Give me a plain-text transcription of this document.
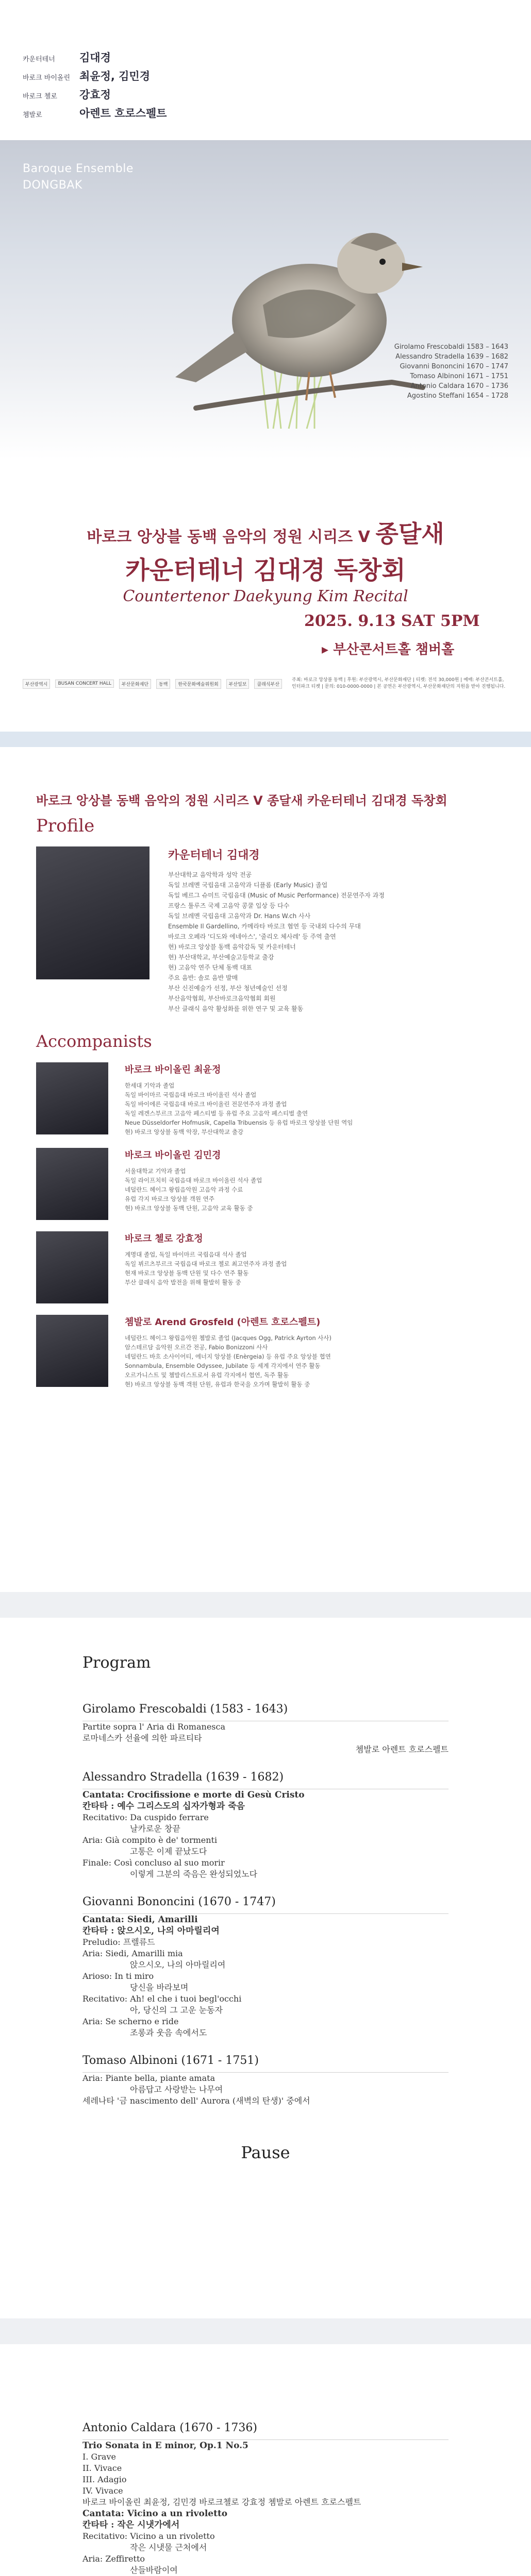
카운터테너	김대경
바로크 바이올린 최윤정, 김민경
바로크 첼로	강효정
쳄발로	아렌트 흐로스펠트
Baroque Ensemble
DONGBAK
Girolamo Frescobaldi 1583 – 1643
Alessandro Stradella 1639 – 1682
Giovanni Bononcini 1670 – 1747
Tomaso Albinoni 1671 – 1751
Antonio Caldara 1670 – 1736
Agostino Steffani 1654 – 1728
바로크 앙상블 동백 음악의 정원 시리즈 V 종달새
카운터테너 김대경 독창회
Countertenor Daekyung Kim Recital
2025. 9.13 SAT 5PM
▸ 부산콘서트홀 챔버홀
부산광역시	BUSAN CONCERT HALL	부산문화재단	동백	한국문화예술위원회	부산일보	클래식부산
주최: 바로크 앙상블 동백 | 후원: 부산광역시, 부산문화재단 | 티켓: 전석 30,000원 | 예매: 부산콘서트홀, 인터파크 티켓 | 문의: 010-0000-0000 | 본 공연은 부산광역시, 부산문화재단의 지원을 받아 진행됩니다.
바로크 앙상블 동백 음악의 정원 시리즈 V 종달새 카운터테너 김대경 독창회
Profile
카운터테너 김대경
부산대학교 음악학과 성악 전공
독일 브레멘 국립음대 고음악과 디플롬 (Early Music) 졸업
독일 베르그 슈미트 국립음대 (Music of Music Performance) 전문연주자 과정
프랑스 툴루즈 국제 고음악 콩쿨 입상 등 다수
독일 브레멘 국립음대 고음악과 Dr. Hans W.ch 사사
Ensemble Il Gardellino, 카메라타 바로크 협연 등 국내외 다수의 무대
바로크 오페라 '디도와 에네아스', '줄리오 체사레' 등 주역 출연
현) 바로크 앙상블 동백 음악감독 및 카운터테너
현) 부산대학교, 부산예술고등학교 출강
현) 고음악 연주 단체 동백 대표
주요 음반: 솔로 음반 발매
부산 신진예술가 선정, 부산 청년예술인 선정
부산음악협회, 부산바로크음악협회 회원
부산 클래식 음악 활성화를 위한 연구 및 교육 활동
Accompanists
바로크 바이올린 최윤정
한세대 기악과 졸업
독일 바이마르 국립음대 바로크 바이올린 석사 졸업
독일 바이에른 국립음대 바로크 바이올린 전문연주자 과정 졸업
독일 레겐스부르크 고음악 페스티벌 등 유럽 주요 고음악 페스티벌 출연
Neue Düsseldorfer Hofmusik, Capella Tribuensis 등 유럽 바로크 앙상블 단원 역임
현) 바로크 앙상블 동백 악장, 부산대학교 출강
바로크 바이올린 김민경
서울대학교 기악과 졸업
독일 라이프치히 국립음대 바로크 바이올린 석사 졸업
네덜란드 헤이그 왕립음악원 고음악 과정 수료
유럽 각지 바로크 앙상블 객원 연주
현) 바로크 앙상블 동백 단원, 고음악 교육 활동 중
바로크 첼로 강효정
계명대 졸업, 독일 바이마르 국립음대 석사 졸업
독일 뷔르츠부르크 국립음대 바로크 첼로 최고연주자 과정 졸업
현재 바로크 앙상블 동백 단원 및 다수 연주 활동
부산 클래식 음악 발전을 위해 활발히 활동 중
쳄발로 Arend Grosfeld (아렌트 흐로스펠트)
네덜란드 헤이그 왕립음악원 쳄발로 졸업 (Jacques Ogg, Patrick Ayrton 사사)
암스테르담 음악원 오르간 전공, Fabio Bonizzoni 사사
네덜란드 바흐 소사이어티, 에너지 앙상블 (Enèrgeia) 등 유럽 주요 앙상블 협연
Sonnambula, Ensemble Odyssee, Jubilate 등 세계 각지에서 연주 활동
오르가니스트 및 쳄발리스트로서 유럽 각지에서 협연, 독주 활동
현) 바로크 앙상블 동백 객원 단원, 유럽과 한국을 오가며 활발히 활동 중
Program
Girolamo Frescobaldi (1583 - 1643)
Partite sopra l' Aria di Romanesca
로마네스카 선율에 의한 파르티타
쳄발로 아렌트 흐로스펠트
Alessandro Stradella (1639 - 1682)
Cantata: Crocifissione e morte di Gesù Cristo
칸타타 : 예수 그리스도의 십자가형과 죽음
Recitativo: Da cuspido ferrare
날카로운 창끝
Aria: Già compito è de' tormenti
고통은 이제 끝났도다
Finale: Così concluso al suo morir
이렇게 그분의 죽음은 완성되었노다
Giovanni Bononcini (1670 - 1747)
Cantata: Siedi, Amarilli
칸타타 : 앉으시오, 나의 아마릴리여
Preludio: 프렐류드
Aria: Siedi, Amarilli mia
앉으시오, 나의 아마릴리여
Arioso: In ti miro
당신을 바라보며
Recitativo: Ah! el che i tuoi begl'occhi
아, 당신의 그 고운 눈동자
Aria: Se scherno e ride
조롱과 웃음 속에서도
Tomaso Albinoni (1671 - 1751)
Aria: Piante bella, piante amata
아름답고 사랑받는 나무여
세레나타 '금 nascimento dell' Aurora (새벽의 탄생)' 중에서
Pause
Antonio Caldara (1670 - 1736)
Trio Sonata in E minor, Op.1 No.5
I. Grave
II. Vivace
III. Adagio
IV. Vivace
바로크 바이올린 최윤정, 김민경 바로크첼로 강효정 쳄발로 아렌트 흐로스펠트
Cantata: Vicino a un rivoletto
칸타타 : 작은 시냇가에서
Recitativo: Vicino a un rivoletto
작은 시냇물 근처에서
Aria: Zeffiretto
산들바람이여
